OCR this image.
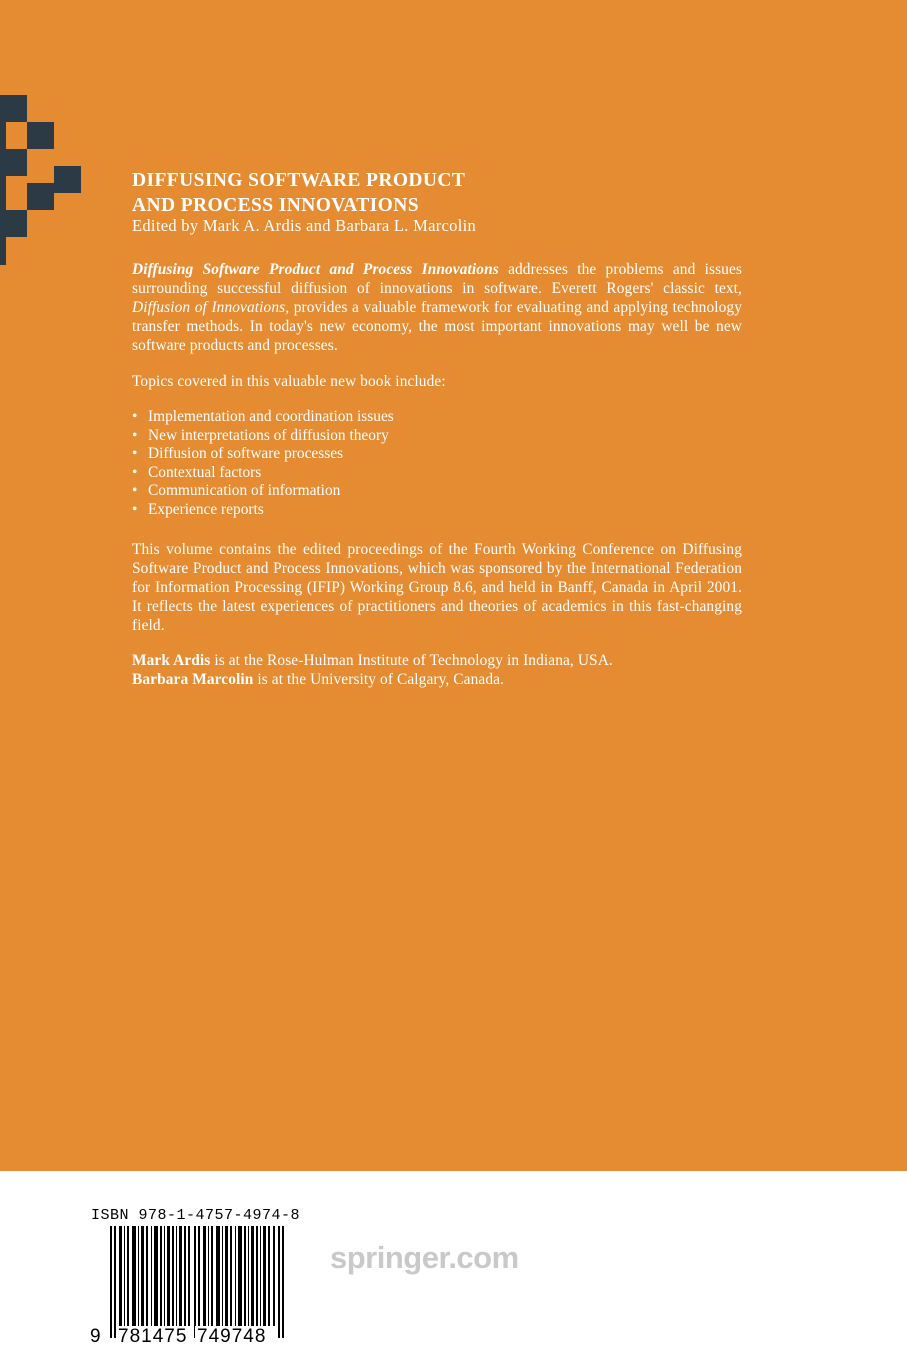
DIFFUSING SOFTWARE PRODUCT
AND PROCESS INNOVATIONS
Edited by Mark A. Ardis and Barbara L. Marcolin
Diffusing Software Product and Process Innovations addresses the problems and issues surrounding successful diffusion of innovations in software. Everett Rogers' classic text, Diffusion of Innovations, provides a valuable framework for evaluating and applying technology transfer methods. In today's new economy, the most important innovations may well be new software products and processes.
Topics covered in this valuable new book include:
• Implementation and coordination issues
• New interpretations of diffusion theory
• Diffusion of software processes
• Contextual factors
• Communication of information
• Experience reports
This volume contains the edited proceedings of the Fourth Working Conference on Diffusing Software Product and Process Innovations, which was sponsored by the International Federation for Information Processing (IFIP) Working Group 8.6, and held in Banff, Canada in April 2001. It reflects the latest experiences of practitioners and theories of academics in this fast-changing field.
Mark Ardis is at the Rose-Hulman Institute of Technology in Indiana, USA.
Barbara Marcolin is at the University of Calgary, Canada.
ISBN 978-1-4757-4974-8
9 781475 749748
springer.com
